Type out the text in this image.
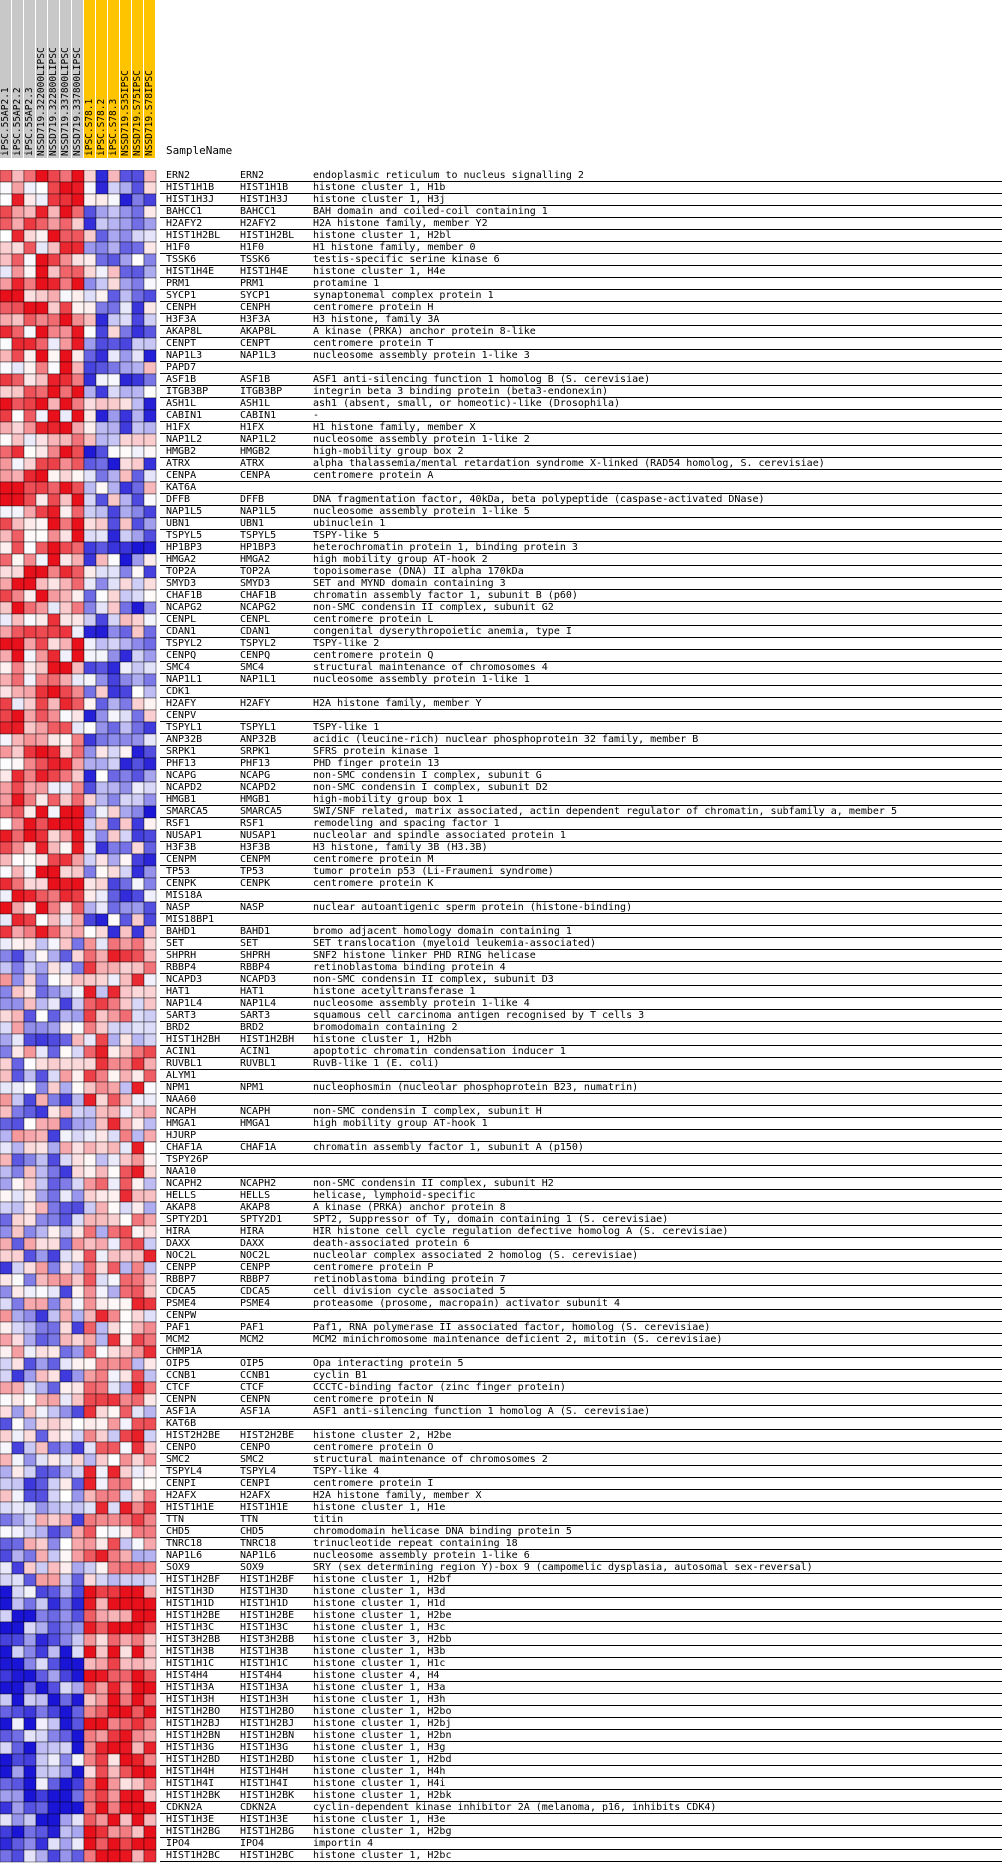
iPSC.55AP2.1 iPSC.55AP2.2 iPSC.55AP2.3 NSSD719.322000LIPSC NSSD719.322800LIPSC NSSD719.337800LIPSC NSSD719.337800LIPSC iPSC.S78.1 iPSC.S78.2 iPSC.S78.3 NSSD719.S35IPSC NSSD719.S75IPSC NSSD719.S78IPSC SampleName
ERN2	ERN2	endoplasmic reticulum to nucleus signalling 2
HIST1H1B	HIST1H1B	histone cluster 1, H1b
HIST1H3J	HIST1H3J	histone cluster 1, H3j
BAHCC1	BAHCC1	BAH domain and coiled-coil containing 1
H2AFY2	H2AFY2	H2A histone family, member Y2
HIST1H2BL	HIST1H2BL	histone cluster 1, H2bl
H1F0	H1F0	H1 histone family, member 0
TSSK6	TSSK6	testis-specific serine kinase 6
HIST1H4E	HIST1H4E	histone cluster 1, H4e
PRM1	PRM1	protamine 1
SYCP1	SYCP1	synaptonemal complex protein 1
CENPH	CENPH	centromere protein H
H3F3A	H3F3A	H3 histone, family 3A
AKAP8L	AKAP8L	A kinase (PRKA) anchor protein 8-like
CENPT	CENPT	centromere protein T
NAP1L3	NAP1L3	nucleosome assembly protein 1-like 3
PAPD7
ASF1B	ASF1B	ASF1 anti-silencing function 1 homolog B (S. cerevisiae)
ITGB3BP	ITGB3BP	integrin beta 3 binding protein (beta3-endonexin)
ASH1L	ASH1L	ash1 (absent, small, or homeotic)-like (Drosophila)
CABIN1	CABIN1	-
H1FX	H1FX	H1 histone family, member X
NAP1L2	NAP1L2	nucleosome assembly protein 1-like 2
HMGB2	HMGB2	high-mobility group box 2
ATRX	ATRX	alpha thalassemia/mental retardation syndrome X-linked (RAD54 homolog, S. cerevisiae)
CENPA	CENPA	centromere protein A
KAT6A
DFFB	DFFB	DNA fragmentation factor, 40kDa, beta polypeptide (caspase-activated DNase)
NAP1L5	NAP1L5	nucleosome assembly protein 1-like 5
UBN1	UBN1	ubinuclein 1
TSPYL5	TSPYL5	TSPY-like 5
HP1BP3	HP1BP3	heterochromatin protein 1, binding protein 3
HMGA2	HMGA2	high mobility group AT-hook 2
TOP2A	TOP2A	topoisomerase (DNA) II alpha 170kDa
SMYD3	SMYD3	SET and MYND domain containing 3
CHAF1B	CHAF1B	chromatin assembly factor 1, subunit B (p60)
NCAPG2	NCAPG2	non-SMC condensin II complex, subunit G2
CENPL	CENPL	centromere protein L
CDAN1	CDAN1	congenital dyserythropoietic anemia, type I
TSPYL2	TSPYL2	TSPY-like 2
CENPQ	CENPQ	centromere protein Q
SMC4	SMC4	structural maintenance of chromosomes 4
NAP1L1	NAP1L1	nucleosome assembly protein 1-like 1
CDK1
H2AFY	H2AFY	H2A histone family, member Y
CENPV
TSPYL1	TSPYL1	TSPY-like 1
ANP32B	ANP32B	acidic (leucine-rich) nuclear phosphoprotein 32 family, member B
SRPK1	SRPK1	SFRS protein kinase 1
PHF13	PHF13	PHD finger protein 13
NCAPG	NCAPG	non-SMC condensin I complex, subunit G
NCAPD2	NCAPD2	non-SMC condensin I complex, subunit D2
HMGB1	HMGB1	high-mobility group box 1
SMARCA5	SMARCA5	SWI/SNF related, matrix associated, actin dependent regulator of chromatin, subfamily a, member 5
RSF1	RSF1	remodeling and spacing factor 1
NUSAP1	NUSAP1	nucleolar and spindle associated protein 1
H3F3B	H3F3B	H3 histone, family 3B (H3.3B)
CENPM	CENPM	centromere protein M
TP53	TP53	tumor protein p53 (Li-Fraumeni syndrome)
CENPK	CENPK	centromere protein K
MIS18A
NASP	NASP	nuclear autoantigenic sperm protein (histone-binding)
MIS18BP1
BAHD1	BAHD1	bromo adjacent homology domain containing 1
SET	SET	SET translocation (myeloid leukemia-associated)
SHPRH	SHPRH	SNF2 histone linker PHD RING helicase
RBBP4	RBBP4	retinoblastoma binding protein 4
NCAPD3	NCAPD3	non-SMC condensin II complex, subunit D3
HAT1	HAT1	histone acetyltransferase 1
NAP1L4	NAP1L4	nucleosome assembly protein 1-like 4
SART3	SART3	squamous cell carcinoma antigen recognised by T cells 3
BRD2	BRD2	bromodomain containing 2
HIST1H2BH	HIST1H2BH	histone cluster 1, H2bh
ACIN1	ACIN1	apoptotic chromatin condensation inducer 1
RUVBL1	RUVBL1	RuvB-like 1 (E. coli)
ALYM1
NPM1	NPM1	nucleophosmin (nucleolar phosphoprotein B23, numatrin)
NAA60
NCAPH	NCAPH	non-SMC condensin I complex, subunit H
HMGA1	HMGA1	high mobility group AT-hook 1
HJURP
CHAF1A	CHAF1A	chromatin assembly factor 1, subunit A (p150)
TSPY26P
NAA10
NCAPH2	NCAPH2	non-SMC condensin II complex, subunit H2
HELLS	HELLS	helicase, lymphoid-specific
AKAP8	AKAP8	A kinase (PRKA) anchor protein 8
SPTY2D1	SPTY2D1	SPT2, Suppressor of Ty, domain containing 1 (S. cerevisiae)
HIRA	HIRA	HIR histone cell cycle regulation defective homolog A (S. cerevisiae)
DAXX	DAXX	death-associated protein 6
NOC2L	NOC2L	nucleolar complex associated 2 homolog (S. cerevisiae)
CENPP	CENPP	centromere protein P
RBBP7	RBBP7	retinoblastoma binding protein 7
CDCA5	CDCA5	cell division cycle associated 5
PSME4	PSME4	proteasome (prosome, macropain) activator subunit 4
CENPW
PAF1	PAF1	Paf1, RNA polymerase II associated factor, homolog (S. cerevisiae)
MCM2	MCM2	MCM2 minichromosome maintenance deficient 2, mitotin (S. cerevisiae)
CHMP1A
OIP5	OIP5	Opa interacting protein 5
CCNB1	CCNB1	cyclin B1
CTCF	CTCF	CCCTC-binding factor (zinc finger protein)
CENPN	CENPN	centromere protein N
ASF1A	ASF1A	ASF1 anti-silencing function 1 homolog A (S. cerevisiae)
KAT6B
HIST2H2BE	HIST2H2BE	histone cluster 2, H2be
CENPO	CENPO	centromere protein O
SMC2	SMC2	structural maintenance of chromosomes 2
TSPYL4	TSPYL4	TSPY-like 4
CENPI	CENPI	centromere protein I
H2AFX	H2AFX	H2A histone family, member X
HIST1H1E	HIST1H1E	histone cluster 1, H1e
TTN	TTN	titin
CHD5	CHD5	chromodomain helicase DNA binding protein 5
TNRC18	TNRC18	trinucleotide repeat containing 18
NAP1L6	NAP1L6	nucleosome assembly protein 1-like 6
SOX9	SOX9	SRY (sex determining region Y)-box 9 (campomelic dysplasia, autosomal sex-reversal)
HIST1H2BF	HIST1H2BF	histone cluster 1, H2bf
HIST1H3D	HIST1H3D	histone cluster 1, H3d
HIST1H1D	HIST1H1D	histone cluster 1, H1d
HIST1H2BE	HIST1H2BE	histone cluster 1, H2be
HIST1H3C	HIST1H3C	histone cluster 1, H3c
HIST3H2BB	HIST3H2BB	histone cluster 3, H2bb
HIST1H3B	HIST1H3B	histone cluster 1, H3b
HIST1H1C	HIST1H1C	histone cluster 1, H1c
HIST4H4	HIST4H4	histone cluster 4, H4
HIST1H3A	HIST1H3A	histone cluster 1, H3a
HIST1H3H	HIST1H3H	histone cluster 1, H3h
HIST1H2BO	HIST1H2BO	histone cluster 1, H2bo
HIST1H2BJ	HIST1H2BJ	histone cluster 1, H2bj
HIST1H2BN	HIST1H2BN	histone cluster 1, H2bn
HIST1H3G	HIST1H3G	histone cluster 1, H3g
HIST1H2BD	HIST1H2BD	histone cluster 1, H2bd
HIST1H4H	HIST1H4H	histone cluster 1, H4h
HIST1H4I	HIST1H4I	histone cluster 1, H4i
HIST1H2BK	HIST1H2BK	histone cluster 1, H2bk
CDKN2A	CDKN2A	cyclin-dependent kinase inhibitor 2A (melanoma, p16, inhibits CDK4)
HIST1H3E	HIST1H3E	histone cluster 1, H3e
HIST1H2BG	HIST1H2BG	histone cluster 1, H2bg
IPO4	IPO4	importin 4
HIST1H2BC	HIST1H2BC	histone cluster 1, H2bc
